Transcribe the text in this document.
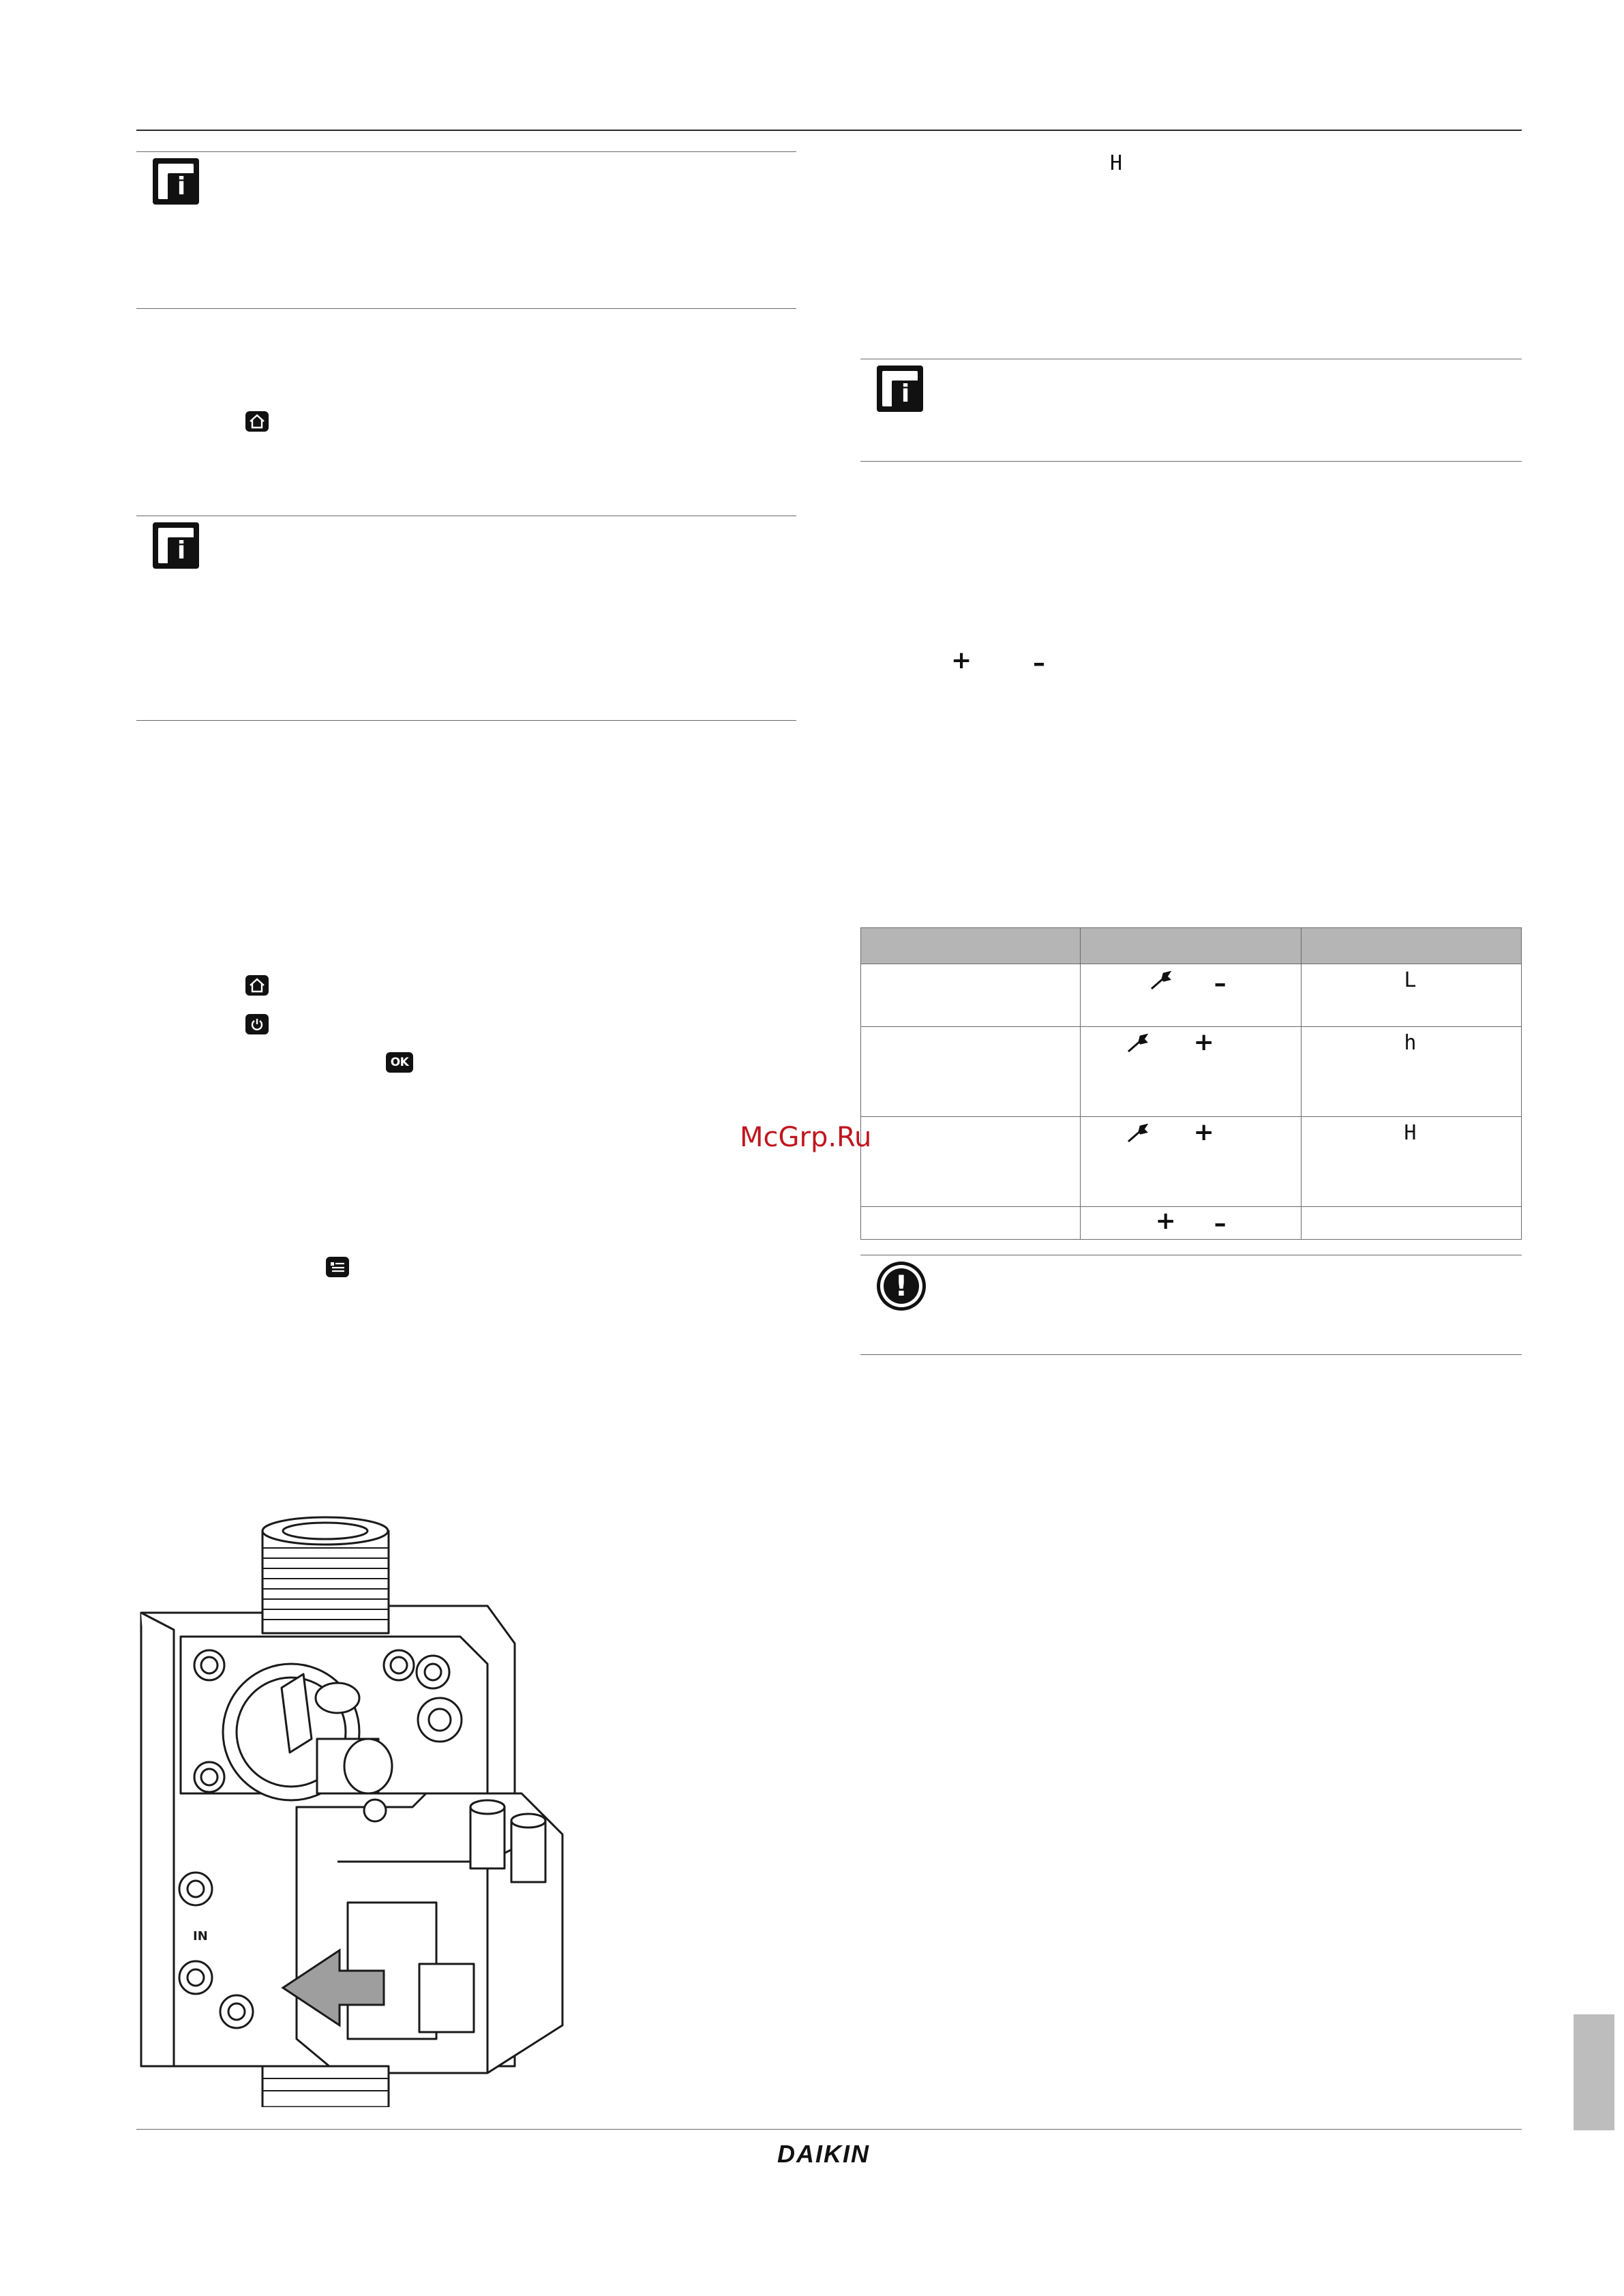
i
i
OK
IN
H
i
+ –

	–	L

	+	h

	+	H

	+ –	

!
McGrp.Ru
DAIKIN
